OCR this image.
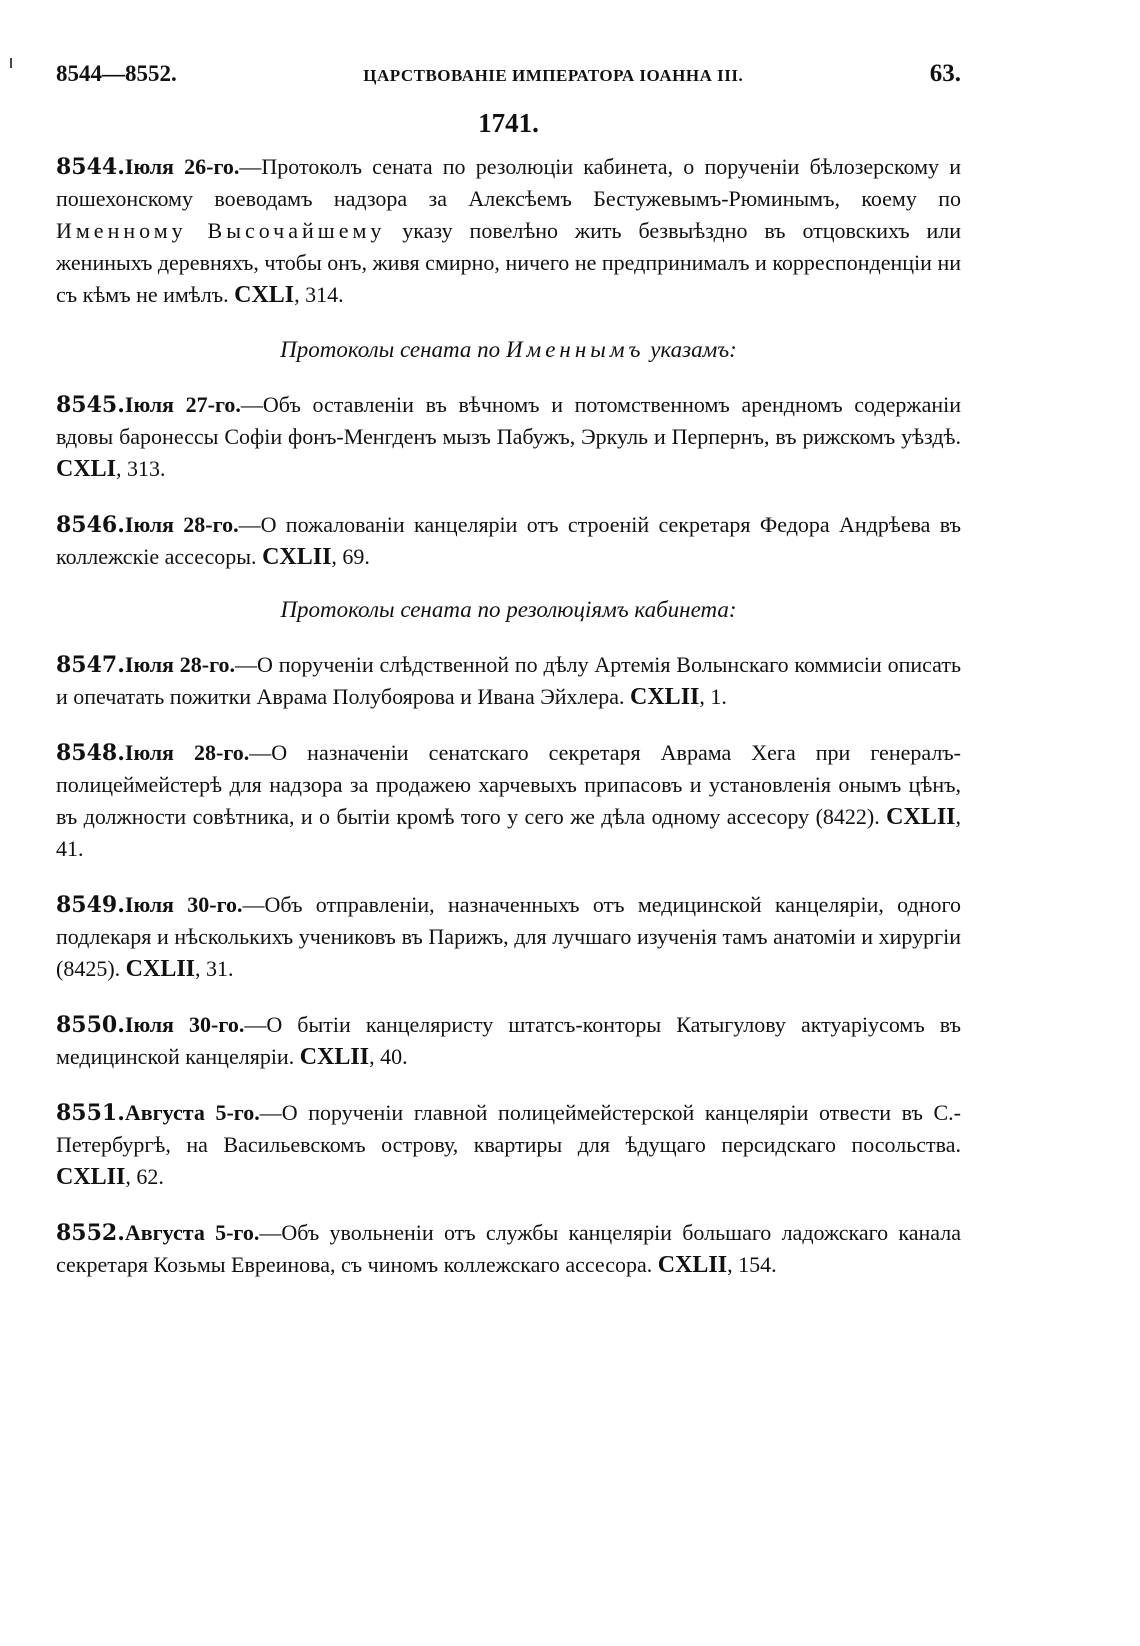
8544—8552.	ЦАРСТВОВАНІЕ ИМПЕРАТОРА ІОАННА III.	63.
1741.

8544.Іюля 26-го.—Протоколъ сената по резолюціи кабинета, о порученіи бѣлозерскому и пошехонскому воеводамъ надзора за Алексѣемъ Бестужевымъ-Рюминымъ, коему по Именному Высочайшему указу повелѣно жить безвыѣздно въ отцовскихъ или жениныхъ деревняхъ, чтобы онъ, живя смирно, ничего не предпринималъ и корреспонденціи ни съ кѣмъ не имѣлъ. CXLI, 314.

Протоколы сената по Именнымъ указамъ:

8545.Іюля 27-го.—Объ оставленіи въ вѣчномъ и потомственномъ арендномъ содержаніи вдовы баронессы Софіи фонъ-Менгденъ мызъ Пабужъ, Эркуль и Перпернъ, въ рижскомъ уѣздѣ. CXLI, 313.

8546.Іюля 28-го.—О пожалованіи канцеляріи отъ строеній секретаря Федора Андрѣева въ коллежскіе ассесоры. CXLII, 69.

Протоколы сената по резолюціямъ кабинета:

8547.Іюля 28-го.—О порученіи слѣдственной по дѣлу Артемія Волынскаго коммисіи описать и опечатать пожитки Аврама Полубоярова и Ивана Эйхлера. CXLII, 1.

8548.Іюля 28-го.—О назначеніи сенатскаго секретаря Аврама Хега при генералъ-полицеймейстерѣ для надзора за продажею харчевыхъ припасовъ и установленія онымъ цѣнъ, въ должности совѣтника, и о бытіи кромѣ того у сего же дѣла одному ассесору (8422). CXLII, 41.

8549.Іюля 30-го.—Объ отправленіи, назначенныхъ отъ медицинской канцеляріи, одного подлекаря и нѣсколькихъ учениковъ въ Парижъ, для лучшаго изученія тамъ анатоміи и хирургіи (8425). CXLII, 31.

8550.Іюля 30-го.—О бытіи канцеляристу штатсъ-конторы Катыгулову актуаріусомъ въ медицинской канцеляріи. CXLII, 40.

8551.Августа 5-го.—О порученіи главной полицеймейстерской канцеляріи отвести въ С.-Петербургѣ, на Васильевскомъ острову, квартиры для ѣдущаго персидскаго посольства. CXLII, 62.

8552.Августа 5-го.—Объ увольненіи отъ службы канцеляріи большаго ладожскаго канала секретаря Козьмы Евреинова, съ чиномъ коллежскаго ассесора. CXLII, 154.
